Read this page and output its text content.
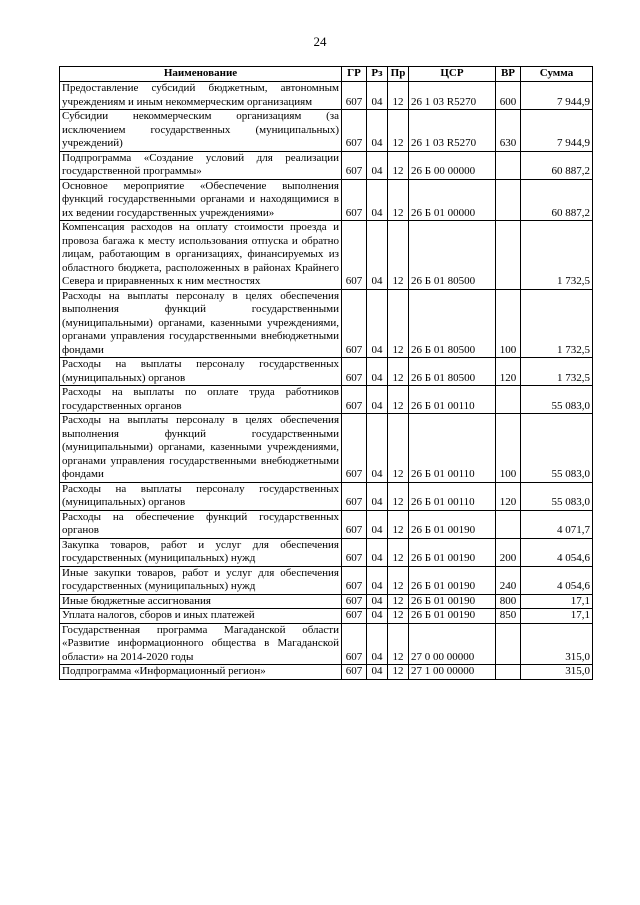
24
Наименование	ГР	Рз	Пр	ЦСР	ВР	Сумма
Предоставление субсидий бюджетным, автономным учреждениям и иным некоммерческим организациям	607	04	12	26 1 03 R5270	600	7 944,9
Субсидии некоммерческим организациям (за исключением государственных (муниципальных) учреждений)	607	04	12	26 1 03 R5270	630	7 944,9
Подпрограмма «Создание условий для реализации государственной программы»	607	04	12	26 Б 00 00000		60 887,2
Основное мероприятие «Обеспечение выполнения функций государственными органами и находящимися в их ведении государственных учреждениями»	607	04	12	26 Б 01 00000		60 887,2
Компенсация расходов на оплату стоимости проезда и провоза багажа к месту использования отпуска и обратно лицам, работающим в организациях, финансируемых из областного бюджета, расположенных в районах Крайнего Севера и приравненных к ним местностях	607	04	12	26 Б 01 80500		1 732,5
Расходы на выплаты персоналу в целях обеспечения выполнения функций государственными (муниципальными) органами, казенными учреждениями, органами управления государственными внебюджетными фондами	607	04	12	26 Б 01 80500	100	1 732,5
Расходы на выплаты персоналу государственных (муниципальных) органов	607	04	12	26 Б 01 80500	120	1 732,5
Расходы на выплаты по оплате труда работников государственных органов	607	04	12	26 Б 01 00110		55 083,0
Расходы на выплаты персоналу в целях обеспечения выполнения функций государственными (муниципальными) органами, казенными учреждениями, органами управления государственными внебюджетными фондами	607	04	12	26 Б 01 00110	100	55 083,0
Расходы на выплаты персоналу государственных (муниципальных) органов	607	04	12	26 Б 01 00110	120	55 083,0
Расходы на обеспечение функций государственных органов	607	04	12	26 Б 01 00190		4 071,7
Закупка товаров, работ и услуг для обеспечения государственных (муниципальных) нужд	607	04	12	26 Б 01 00190	200	4 054,6
Иные закупки товаров, работ и услуг для обеспечения государственных (муниципальных) нужд	607	04	12	26 Б 01 00190	240	4 054,6
Иные бюджетные ассигнования	607	04	12	26 Б 01 00190	800	17,1
Уплата налогов, сборов и иных платежей	607	04	12	26 Б 01 00190	850	17,1
Государственная программа Магаданской области «Развитие информационного общества в Магаданской области» на 2014-2020 годы	607	04	12	27 0 00 00000		315,0
Подпрограмма «Информационный регион»	607	04	12	27 1 00 00000		315,0
